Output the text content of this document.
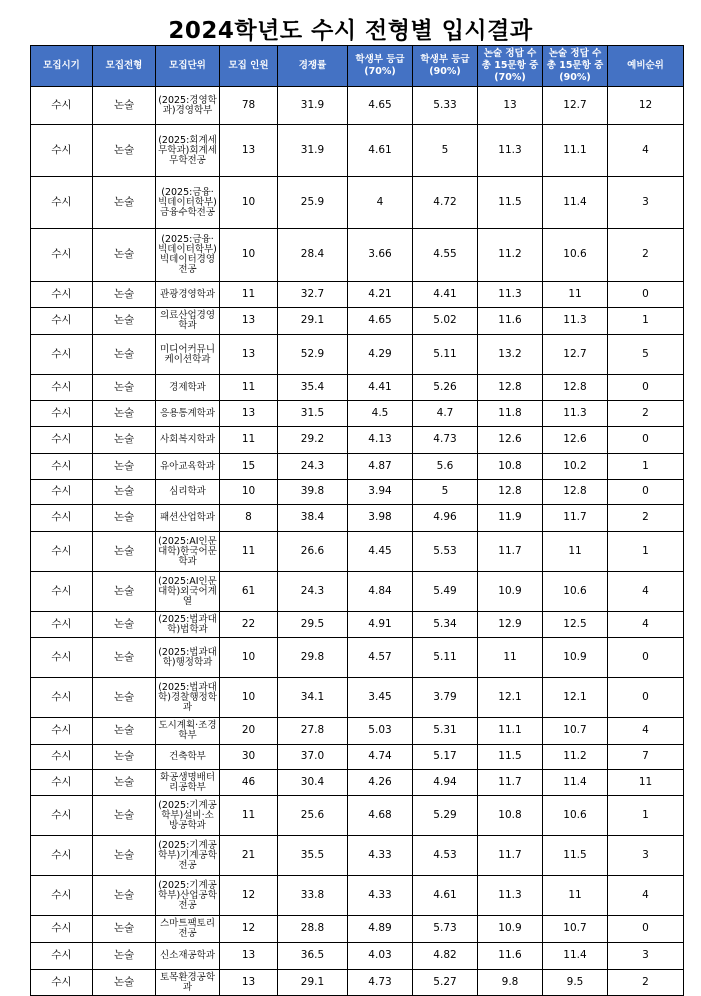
2024학년도 수시 전형별 입시결과
모집시기	모집전형	모집단위	모집 인원	경쟁률	학생부 등급(70%)	학생부 등급(90%)	논술 정답 수 총 15문항 중 (70%)	논술 정답 수 총 15문항 중 (90%)	예비순위
수시	논술	(2025:경영학과)경영학부	78	31.9	4.65	5.33	13	12.7	12
수시	논술	(2025:회계세무학과)회계세무학전공	13	31.9	4.61	5	11.3	11.1	4
수시	논술	(2025:금융·빅데이터학부)금융수학전공	10	25.9	4	4.72	11.5	11.4	3
수시	논술	(2025:금융·빅데이터학부)빅데이터경영전공	10	28.4	3.66	4.55	11.2	10.6	2
수시	논술	관광경영학과	11	32.7	4.21	4.41	11.3	11	0
수시	논술	의료산업경영학과	13	29.1	4.65	5.02	11.6	11.3	1
수시	논술	미디어커뮤니케이션학과	13	52.9	4.29	5.11	13.2	12.7	5
수시	논술	경제학과	11	35.4	4.41	5.26	12.8	12.8	0
수시	논술	응용통계학과	13	31.5	4.5	4.7	11.8	11.3	2
수시	논술	사회복지학과	11	29.2	4.13	4.73	12.6	12.6	0
수시	논술	유아교육학과	15	24.3	4.87	5.6	10.8	10.2	1
수시	논술	심리학과	10	39.8	3.94	5	12.8	12.8	0
수시	논술	패션산업학과	8	38.4	3.98	4.96	11.9	11.7	2
수시	논술	(2025:AI인문대학)한국어문학과	11	26.6	4.45	5.53	11.7	11	1
수시	논술	(2025:AI인문대학)외국어계열	61	24.3	4.84	5.49	10.9	10.6	4
수시	논술	(2025:법과대학)법학과	22	29.5	4.91	5.34	12.9	12.5	4
수시	논술	(2025:법과대학)행정학과	10	29.8	4.57	5.11	11	10.9	0
수시	논술	(2025:법과대학)경찰행정학과	10	34.1	3.45	3.79	12.1	12.1	0
수시	논술	도시계획·조경학부	20	27.8	5.03	5.31	11.1	10.7	4
수시	논술	건축학부	30	37.0	4.74	5.17	11.5	11.2	7
수시	논술	화공생명배터리공학부	46	30.4	4.26	4.94	11.7	11.4	11
수시	논술	(2025:기계공학부)설비·소방공학과	11	25.6	4.68	5.29	10.8	10.6	1
수시	논술	(2025:기계공학부)기계공학전공	21	35.5	4.33	4.53	11.7	11.5	3
수시	논술	(2025:기계공학부)산업공학전공	12	33.8	4.33	4.61	11.3	11	4
수시	논술	스마트팩토리전공	12	28.8	4.89	5.73	10.9	10.7	0
수시	논술	신소재공학과	13	36.5	4.03	4.82	11.6	11.4	3
수시	논술	토목환경공학과	13	29.1	4.73	5.27	9.8	9.5	2
